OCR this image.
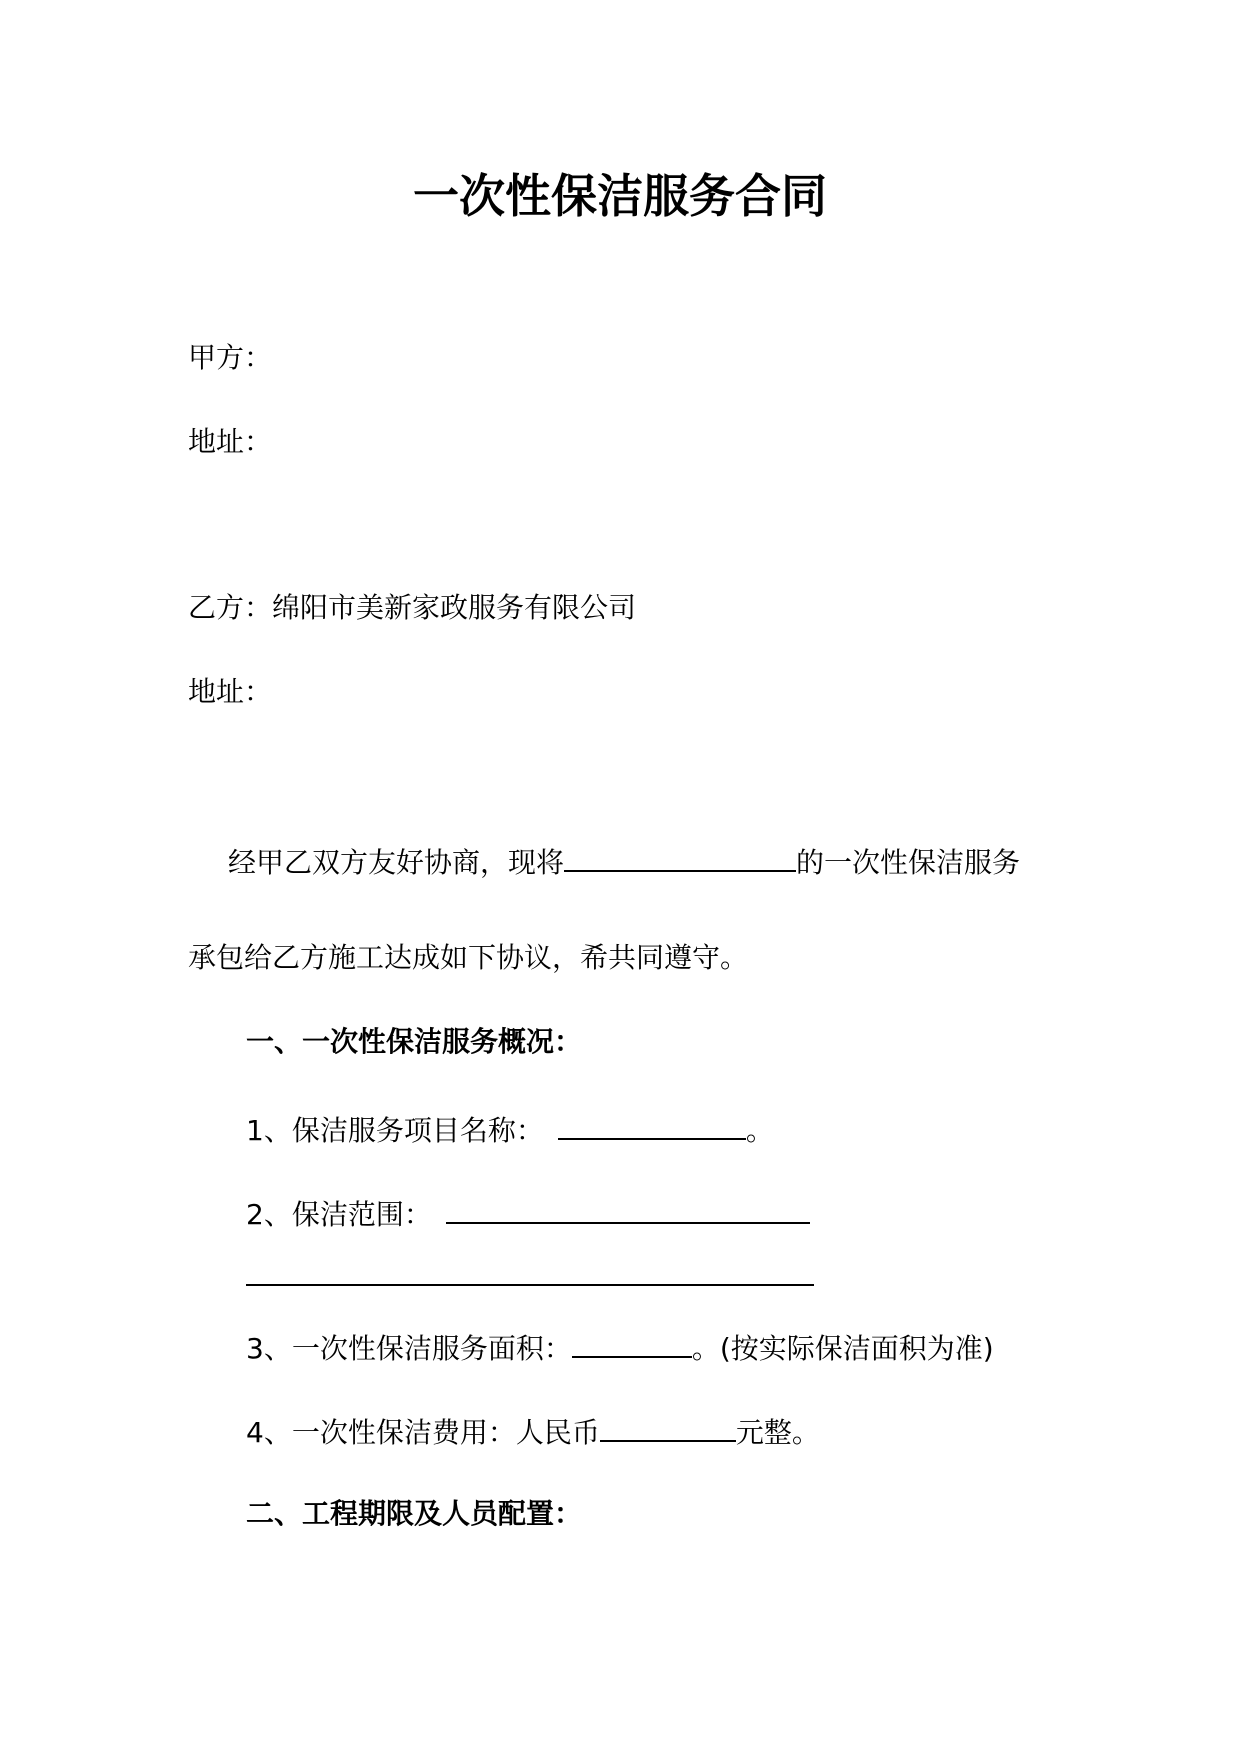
一次性保洁服务合同
甲方：
地址：
乙方：绵阳市美新家政服务有限公司
地址：
经甲乙双方友好协商，现将	的一次性保洁服务
承包给乙方施工达成如下协议，希共同遵守。
一、一次性保洁服务概况：
1、保洁服务项目名称：	。
2、保洁范围：
3、一次性保洁服务面积：	。(按实际保洁面积为准)
4、一次性保洁费用：人民币	元整。
二、工程期限及人员配置：
